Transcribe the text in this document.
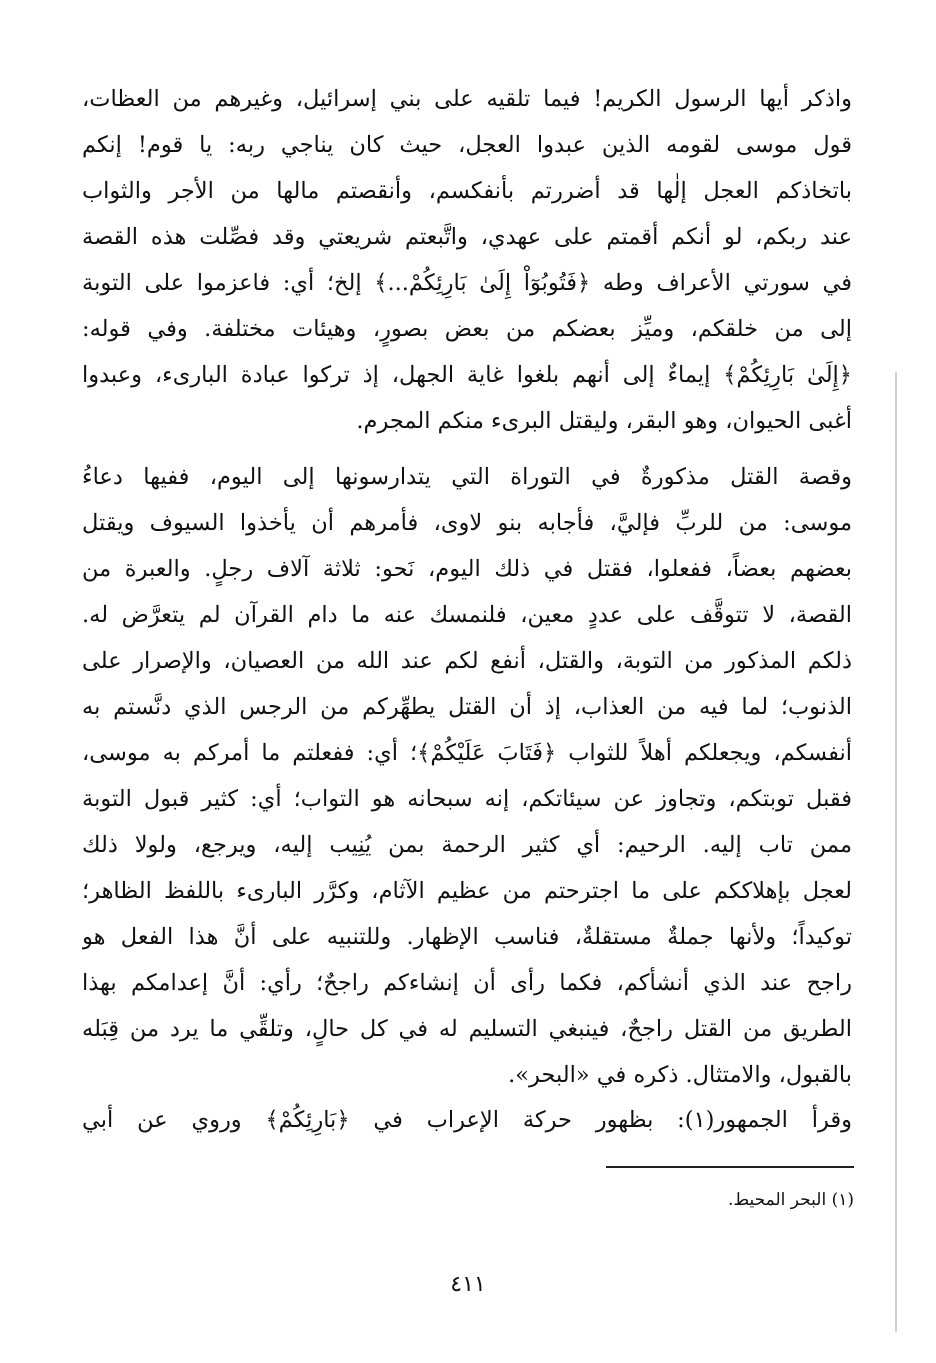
واذكر أيها الرسول الكريم! فيما تلقيه على بني إسرائيل، وغيرهم من العظات،
قول موسى لقومه الذين عبدوا العجل، حيث كان يناجي ربه: يا قوم! إنكم
باتخاذكم العجل إلٰها قد أضررتم بأنفكسم، وأنقصتم مالها من الأجر والثواب
عند ربكم، لو أنكم أقمتم على عهدي، واتَّبعتم شريعتي وقد فصِّلت هذه القصة
في سورتي الأعراف وطه ﴿فَتُوبُوٓاْ إِلَىٰ بَارِئِكُمْ...﴾ إلخ؛ أي: فاعزموا على التوبة
إلى من خلقكم، وميِّز بعضكم من بعض بصورٍ، وهيئات مختلفة. وفي قوله:
﴿إِلَىٰ بَارِئِكُمْ﴾ إيماءٌ إلى أنهم بلغوا غاية الجهل، إذ تركوا عبادة البارىء، وعبدوا
أغبى الحيوان، وهو البقر، وليقتل البرىء منكم المجرم.
وقصة القتل مذكورةٌ في التوراة التي يتدارسونها إلى اليوم، ففيها دعاءُ
موسى: من للربِّ فإليَّ، فأجابه بنو لاوى، فأمرهم أن يأخذوا السيوف ويقتل
بعضهم بعضاً، ففعلوا، فقتل في ذلك اليوم، نَحو: ثلاثة آلاف رجلٍ. والعبرة من
القصة، لا تتوقَّف على عددٍ معين، فلنمسك عنه ما دام القرآن لم يتعرَّض له.
ذلكم المذكور من التوبة، والقتل، أنفع لكم عند الله من العصيان، والإصرار على
الذنوب؛ لما فيه من العذاب، إذ أن القتل يطهِّركم من الرجس الذي دنَّستم به
أنفسكم، ويجعلكم أهلاً للثواب ﴿فَتَابَ عَلَيْكُمْ﴾؛ أي: ففعلتم ما أمركم به موسى،
فقبل توبتكم، وتجاوز عن سيئاتكم، إنه سبحانه هو التواب؛ أي: كثير قبول التوبة
ممن تاب إليه. الرحيم: أي كثير الرحمة بمن يُنِيب إليه، ويرجع، ولولا ذلك
لعجل بإهلاككم على ما اجترحتم من عظيم الآثام، وكرَّر البارىء باللفظ الظاهر؛
توكيداً؛ ولأنها جملةٌ مستقلةٌ، فناسب الإظهار. وللتنبيه على أنَّ هذا الفعل هو
راجح عند الذي أنشأكم، فكما رأى أن إنشاءكم راجحٌ؛ رأي: أنَّ إعدامكم بهذا
الطريق من القتل راجحٌ، فينبغي التسليم له في كل حالٍ، وتلقِّي ما يرد من قِبَله
بالقبول، والامتثال. ذكره في «البحر».
وقرأ الجمهور(١): بظهور حركة الإعراب في ﴿بَارِئِكُمْ﴾ وروي عن أبي
(١) البحر المحيط.
٤١١
